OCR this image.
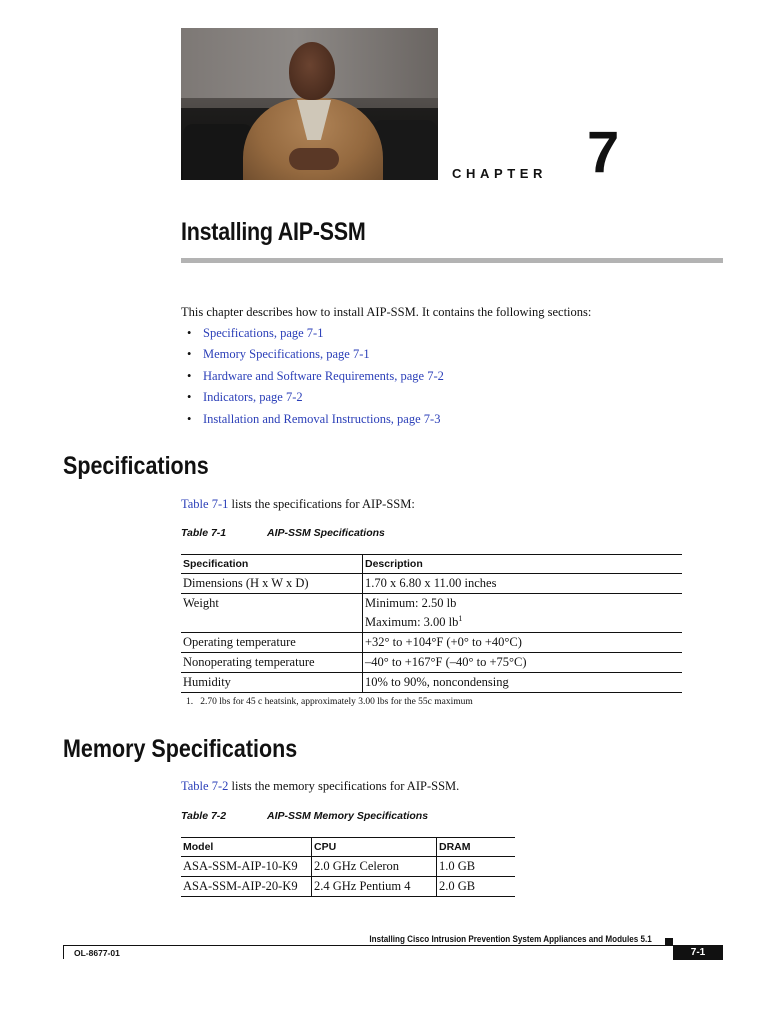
CHAPTER 7
Installing AIP-SSM
This chapter describes how to install AIP-SSM. It contains the following sections:
• Specifications, page 7-1
• Memory Specifications, page 7-1
• Hardware and Software Requirements, page 7-2
• Indicators, page 7-2
• Installation and Removal Instructions, page 7-3
Specifications
Table 7-1 lists the specifications for AIP-SSM:
Table 7-1	AIP-SSM Specifications
Specification	Description
Dimensions (H x W x D)	1.70 x 6.80 x 11.00 inches
Weight	Minimum: 2.50 lb
Maximum: 3.00 $lb^1$

Operating temperature	+32° to +104°F (+0° to +40°C)
Nonoperating temperature	–40° to +167°F (–40° to +75°C)
Humidity	10% to 90%, noncondensing
1. 2.70 lbs for 45 c heatsink, approximately 3.00 lbs for the 55c maximum
Memory Specifications
Table 7-2 lists the memory specifications for AIP-SSM.
Table 7-2	AIP-SSM Memory Specifications
Model	CPU	DRAM
ASA-SSM-AIP-10-K9	2.0 GHz Celeron	1.0 GB
ASA-SSM-AIP-20-K9	2.4 GHz Pentium 4	2.0 GB
Installing Cisco Intrusion Prevention System Appliances and Modules 5.1
OL-8677-01	7-1
